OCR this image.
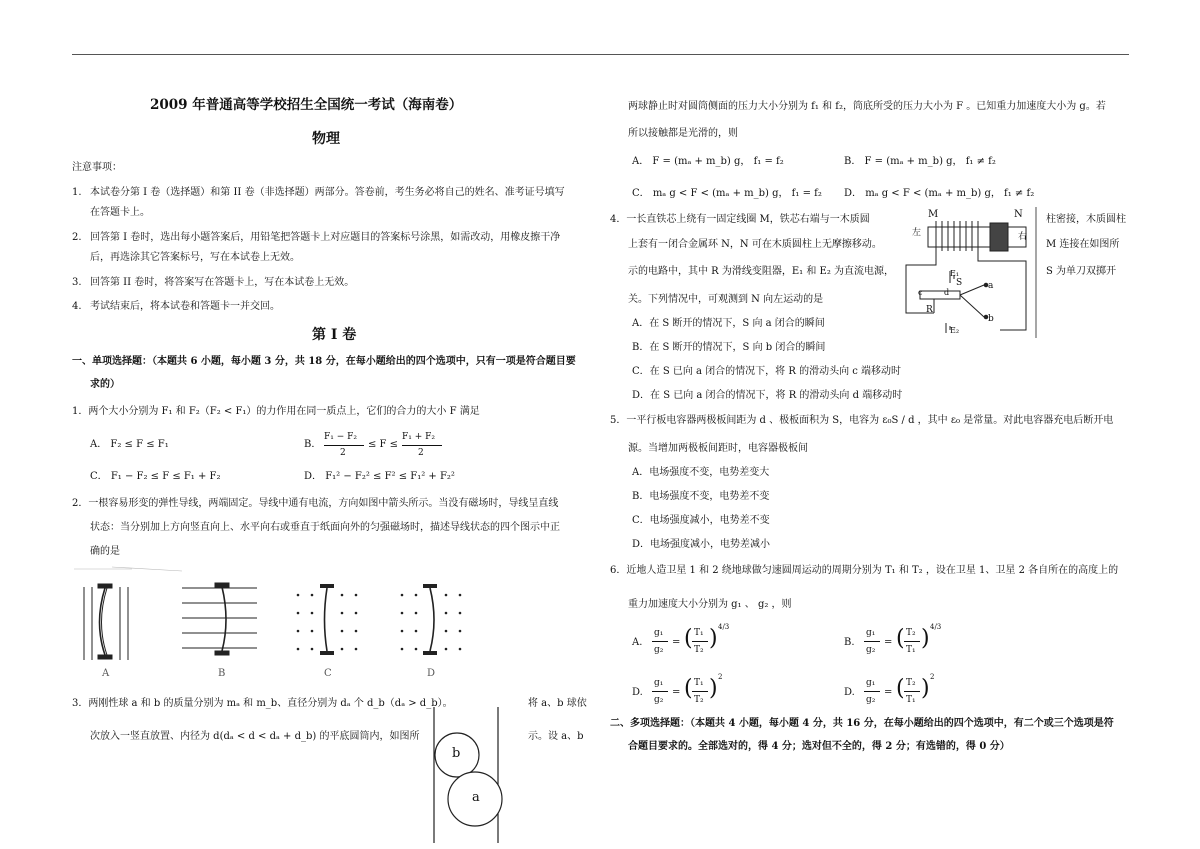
2009 年普通高等学校招生全国统一考试（海南卷）
物理
注意事项：
1. 本试卷分第 I 卷（选择题）和第 II 卷（非选择题）两部分。答卷前，考生务必将自己的姓名、准考证号填写
在答题卡上。
2. 回答第 I 卷时，选出每小题答案后，用铅笔把答题卡上对应题目的答案标号涂黑，如需改动，用橡皮擦干净
后，再选涂其它答案标号，写在本试卷上无效。
3. 回答第 II 卷时，将答案写在答题卡上，写在本试卷上无效。
4. 考试结束后，将本试卷和答题卡一并交回。
第 I 卷
一、单项选择题：（本题共 6 小题，每小题 3 分，共 18 分，在每小题给出的四个选项中，只有一项是符合题目要
求的）
1．两个大小分别为 F₁ 和 F₂（F₂ < F₁）的力作用在同一质点上，它们的合力的大小 F 满足
A． F₂ ≤ F ≤ F₁	B．
F₁ − F₂
2
≤ F ≤
F₁ + F₂
2
C． F₁ − F₂ ≤ F ≤ F₁ + F₂	D． F₁² − F₂² ≤ F² ≤ F₁² + F₂²
2．一根容易形变的弹性导线，两端固定。导线中通有电流，方向如图中箭头所示。当没有磁场时，导线呈直线
状态：当分别加上方向竖直向上、水平向右或垂直于纸面向外的匀强磁场时，描述导线状态的四个图示中正
确的是
A	B	C	D
3．两刚性球 a 和 b 的质量分别为 mₐ 和 m_b、直径分别为 dₐ 个 d_b（dₐ > d_b）。	将 a、b 球依
次放入一竖直放置、内径为 d(dₐ < d < dₐ + d_b) 的平底圆筒内，如图所	示。设 a、b
b
a
两球静止时对圆筒侧面的压力大小分别为 f₁ 和 f₂，筒底所受的压力大小为 F 。已知重力加速度大小为 g。若
所以接触都是光滑的，则
A． F = (mₐ + m_b) g， f₁ = f₂	B． F = (mₐ + m_b) g， f₁ ≠ f₂
C． mₐ g < F < (mₐ + m_b) g， f₁ = f₂ D． mₐ g < F < (mₐ + m_b) g， f₁ ≠ f₂
4．一长直铁芯上绕有一固定线圈 M，铁芯右端与一木质圆	柱密接，木质圆柱
上套有一闭合金属环 N，N 可在木质圆柱上无摩擦移动。	M 连接在如图所
示的电路中，其中 R 为滑线变阻器，E₁ 和 E₂ 为直流电源，	S 为单刀双掷开
关。下列情况中，可观测到 N 向左运动的是
M	N
左	右
E₁
S	a
b
c	d
R
E₂
A．在 S 断开的情况下，S 向 a 闭合的瞬间
B．在 S 断开的情况下，S 向 b 闭合的瞬间
C．在 S 已向 a 闭合的情况下，将 R 的滑动头向 c 端移动时
D．在 S 已向 a 闭合的情况下，将 R 的滑动头向 d 端移动时
5．一平行板电容器两极板间距为 d 、极板面积为 S，电容为 ε₀S / d ，其中 ε₀ 是常量。对此电容器充电后断开电
源。当增加两极板间距时，电容器极板间
A．电场强度不变，电势差变大
B．电场强度不变，电势差不变
C．电场强度减小，电势差不变
D．电场强度减小，电势差减小
6．近地人造卫星 1 和 2 绕地球做匀速圆周运动的周期分别为 T₁ 和 T₂ ，设在卫星 1、卫星 2 各自所在的高度上的
重力加速度大小分别为 g₁ 、 g₂ ，则
A.
g₁
g₂
= ( T₁
T₂ ) 4/3
B.
g₁
g₂
= ( T₂
T₁ ) 4/3
D.
g₁
g₂
= ( T₁
T₂ ) 2
D.
g₁
g₂
= ( T₂
T₁ ) 2
二、多项选择题：（本题共 4 小题，每小题 4 分，共 16 分，在每小题给出的四个选项中，有二个或三个选项是符
合题目要求的。全部选对的，得 4 分；选对但不全的，得 2 分；有选错的，得 0 分）
